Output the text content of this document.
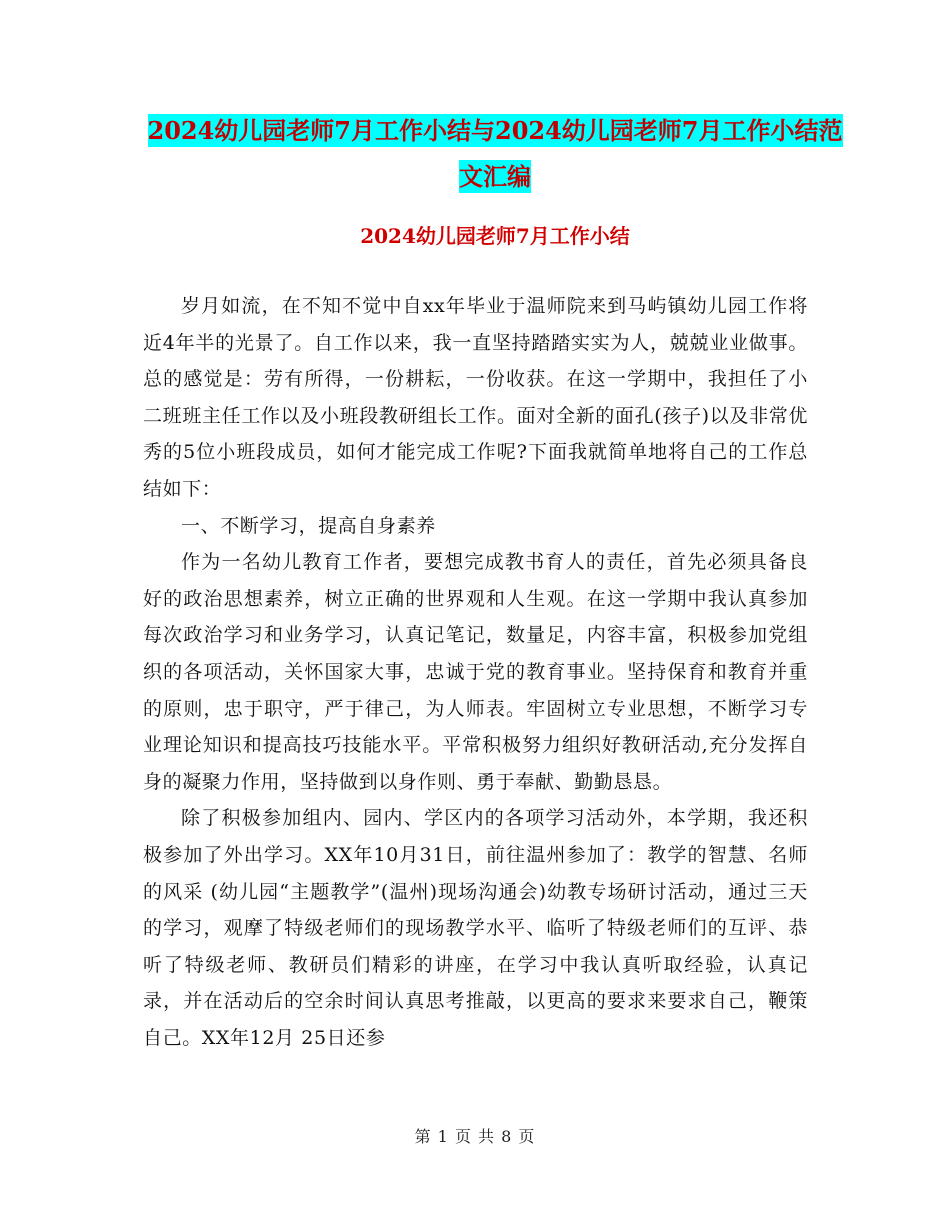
2024幼儿园老师7月工作小结与2024幼儿园老师7月工作小结范文汇编
2024幼儿园老师7月工作小结

岁月如流，在不知不觉中自xx年毕业于温师院来到马屿镇幼儿园工作将近4年半的光景了。自工作以来，我一直坚持踏踏实实为人，兢兢业业做事。总的感觉是：劳有所得，一份耕耘，一份收获。在这一学期中，我担任了小二班班主任工作以及小班段教研组长工作。面对全新的面孔(孩子)以及非常优秀的5位小班段成员，如何才能完成工作呢?下面我就简单地将自己的工作总结如下：

一、不断学习，提高自身素养

作为一名幼儿教育工作者，要想完成教书育人的责任，首先必须具备良好的政治思想素养，树立正确的世界观和人生观。在这一学期中我认真参加每次政治学习和业务学习，认真记笔记，数量足，内容丰富，积极参加党组织的各项活动，关怀国家大事，忠诚于党的教育事业。坚持保育和教育并重的原则，忠于职守，严于律己，为人师表。牢固树立专业思想，不断学习专业理论知识和提高技巧技能水平。平常积极努力组织好教研活动,充分发挥自身的凝聚力作用，坚持做到以身作则、勇于奉献、勤勤恳恳。

除了积极参加组内、园内、学区内的各项学习活动外，本学期，我还积极参加了外出学习。XX年10月31日，前往温州参加了：教学的智慧、名师的风采 (幼儿园“主题教学”(温州)现场沟通会)幼教专场研讨活动，通过三天的学习，观摩了特级老师们的现场教学水平、临听了特级老师们的互评、恭听了特级老师、教研员们精彩的讲座，在学习中我认真听取经验，认真记录，并在活动后的空余时间认真思考推敲，以更高的要求来要求自己，鞭策自己。XX年12月 25日还参

第 1 页 共 8 页
